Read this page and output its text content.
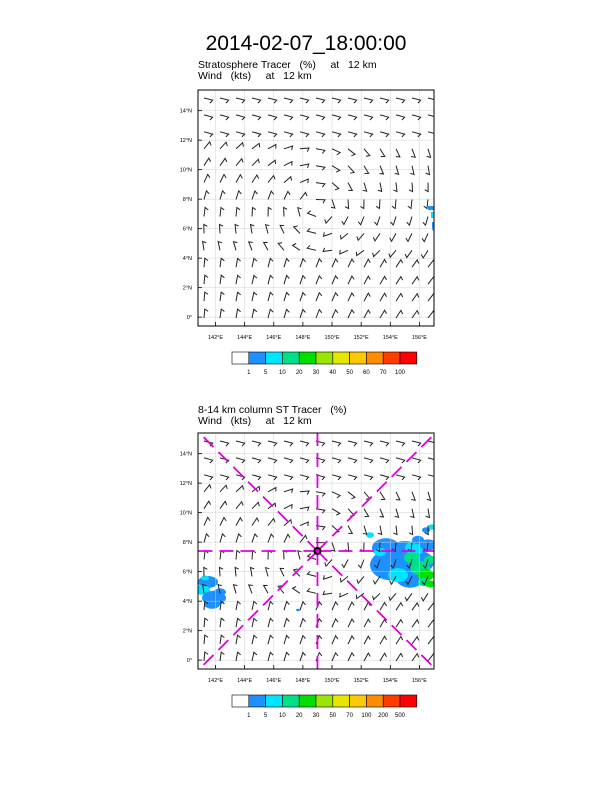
2014-02-07_18:00:00
Stratosphere Tracer   (%)     at   12 km
Wind   (kts)     at   12 km
8-14 km column ST Tracer   (%)
Wind   (kts)     at   12 km
14°N
12°N
10°N
8°N
6°N
4°N
2°N
0°
142°E	144°E	146°E	148°E	150°E	152°E	154°E	156°E
1 5 10 20 30 40 50 60 70 100
14°N
12°N
10°N
8°N
6°N
4°N
2°N
0°
142°E	144°E	146°E	148°E	150°E	152°E	154°E	156°E
1 5 10 20 30 50 70 100 200 500
